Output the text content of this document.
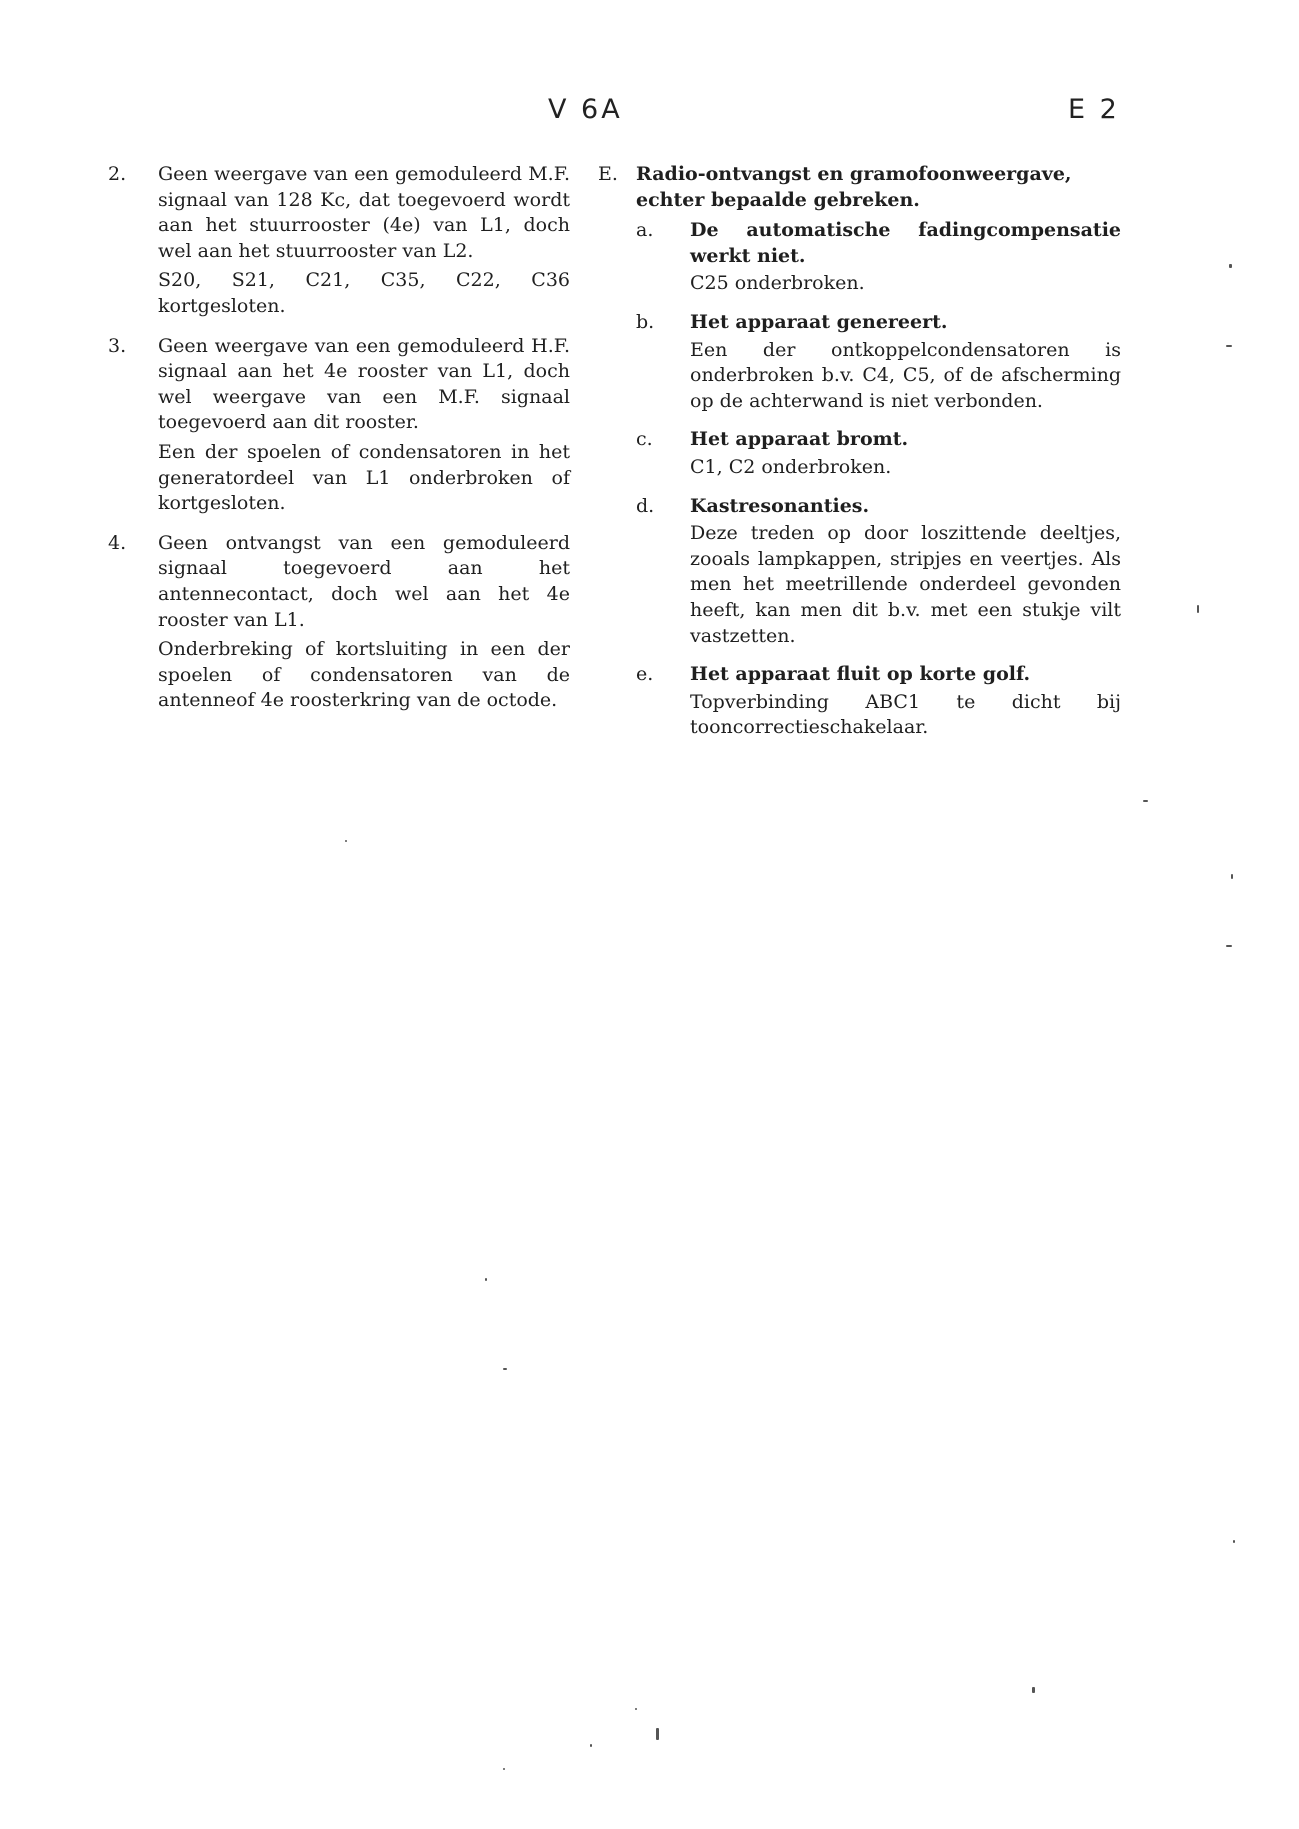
V 6A	E 2
2.	Geen weergave van een gemoduleerd M.F. signaal van 128 Kc, dat toegevoerd wordt aan het stuurrooster (4e) van L1, doch wel aan het stuurrooster van L2.

S20, S21, C21, C35, C22, C36 kortgesloten.

3.	Geen weergave van een gemoduleerd H.F. signaal aan het 4e rooster van L1, doch wel weergave van een M.F. signaal toegevoerd aan dit rooster.

Een der spoelen of condensatoren in het generatordeel van L1 onderbroken of kortgesloten.

4.	Geen ontvangst van een gemoduleerd signaal toegevoerd aan het antennecontact, doch wel aan het 4e rooster van L1.

Onderbreking of kortsluiting in een der spoelen of condensatoren van de antenneof 4e roosterkring van de octode.

E. Radio-ontvangst en gramofoonweergave, echter bepaalde gebreken.
a.	De automatische fadingcompensatie werkt niet.

C25 onderbroken.

b.	Het apparaat genereert.

Een der ontkoppelcondensatoren is onderbroken b.v. C4, C5, of de afscherming op de achterwand is niet verbonden.

c.	Het apparaat bromt.

C1, C2 onderbroken.

d.	Kastresonanties.

Deze treden op door loszittende deeltjes, zooals lampkappen, stripjes en veertjes. Als men het meetrillende onderdeel gevonden heeft, kan men dit b.v. met een stukje vilt vastzetten.

e.	Het apparaat fluit op korte golf.

Topverbinding ABC1 te dicht bij tooncorrectieschakelaar.
